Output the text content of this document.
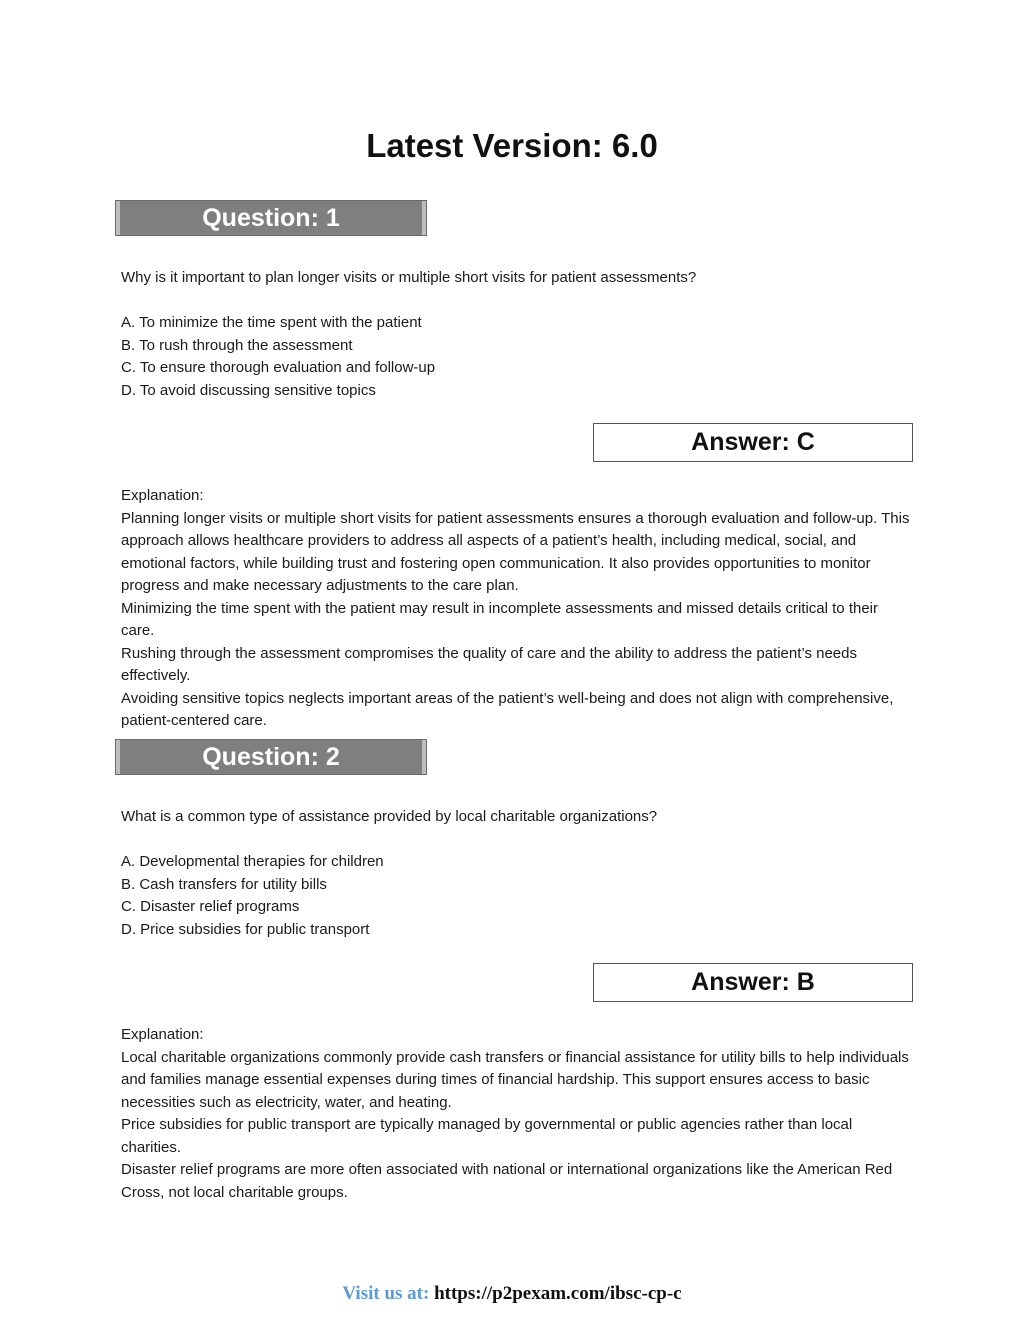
Latest Version: 6.0
Question: 1
Why is it important to plan longer visits or multiple short visits for patient assessments?

A. To minimize the time spent with the patient

B. To rush through the assessment

C. To ensure thorough evaluation and follow-up

D. To avoid discussing sensitive topics

Answer: C

Explanation:

Planning longer visits or multiple short visits for patient assessments ensures a thorough evaluation and follow-up. This approach allows healthcare providers to address all aspects of a patient’s health, including medical, social, and emotional factors, while building trust and fostering open communication. It also provides opportunities to monitor progress and make necessary adjustments to the care plan.

Minimizing the time spent with the patient may result in incomplete assessments and missed details critical to their care.

Rushing through the assessment compromises the quality of care and the ability to address the patient’s needs effectively.

Avoiding sensitive topics neglects important areas of the patient’s well-being and does not align with comprehensive, patient-centered care.

Question: 2
What is a common type of assistance provided by local charitable organizations?

A. Developmental therapies for children

B. Cash transfers for utility bills

C. Disaster relief programs

D. Price subsidies for public transport

Answer: B

Explanation:

Local charitable organizations commonly provide cash transfers or financial assistance for utility bills to help individuals and families manage essential expenses during times of financial hardship. This support ensures access to basic necessities such as electricity, water, and heating.

Price subsidies for public transport are typically managed by governmental or public agencies rather than local charities.

Disaster relief programs are more often associated with national or international organizations like the American Red Cross, not local charitable groups.

Visit us at: https://p2pexam.com/ibsc-cp-c
